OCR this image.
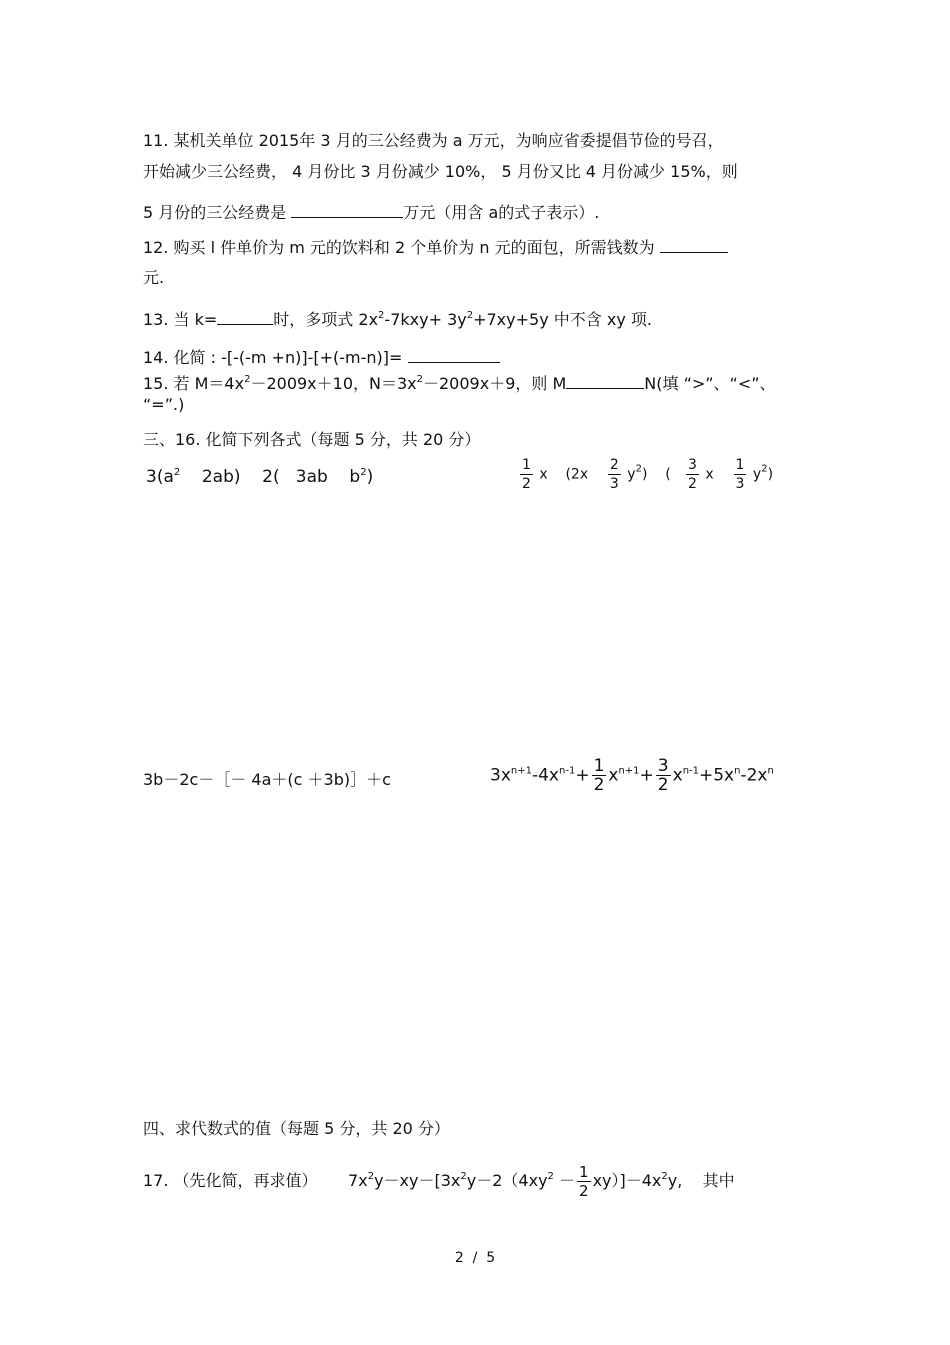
11. 某机关单位 2015年 3 月的三公经费为 a 万元，为响应省委提倡节俭的号召，
开始减少三公经费， 4 月份比 3 月份减少 10%， 5 月份又比 4 月份减少 15%，则
5 月份的三公经费是	万元（用含 a的式子表示）.
12. 购买 l 件单价为 m 元的饮料和 2 个单价为 n 元的面包，所需钱数为
元.
13. 当 k=	时，多项式 $2x^2-7kxy+ 3y^2+7xy+5y$ 中不含 xy 项.
14. 化简 : -[-(-m +n)]-[+(-m-n)]=
15. 若 $M=4x^2-2009x+10$，$N=3x^2-2009x+9$，则 M	N(填 “>”、“<”、
“=”.)
三、16. 化简下列各式（每题 5 分，共 20 分）
$3(a^2$    2ab)    2(   3ab    $b^2$)	$\frac{1}{2}$ x    $(2x \frac{2}{3} y^2)$    ( $\frac{3}{2}$ x $\frac{1}{3} y^2$)
3b－2c－［－ 4a＋(c ＋3b)］＋c	$3x^{n+1}-4x^{n-1}+ \frac{1}{2} x^{n+1}+ \frac{3}{2} x^{n-1}+5x^n-2x^n$
四、求代数式的值（每题 5 分，共 20 分）
17. （先化简，再求值）      $7x^2y-xy-[3x^2y-2(4xy^2 - \frac{1}{2} xy)]-4x^2y$,    其中
2  /  5
